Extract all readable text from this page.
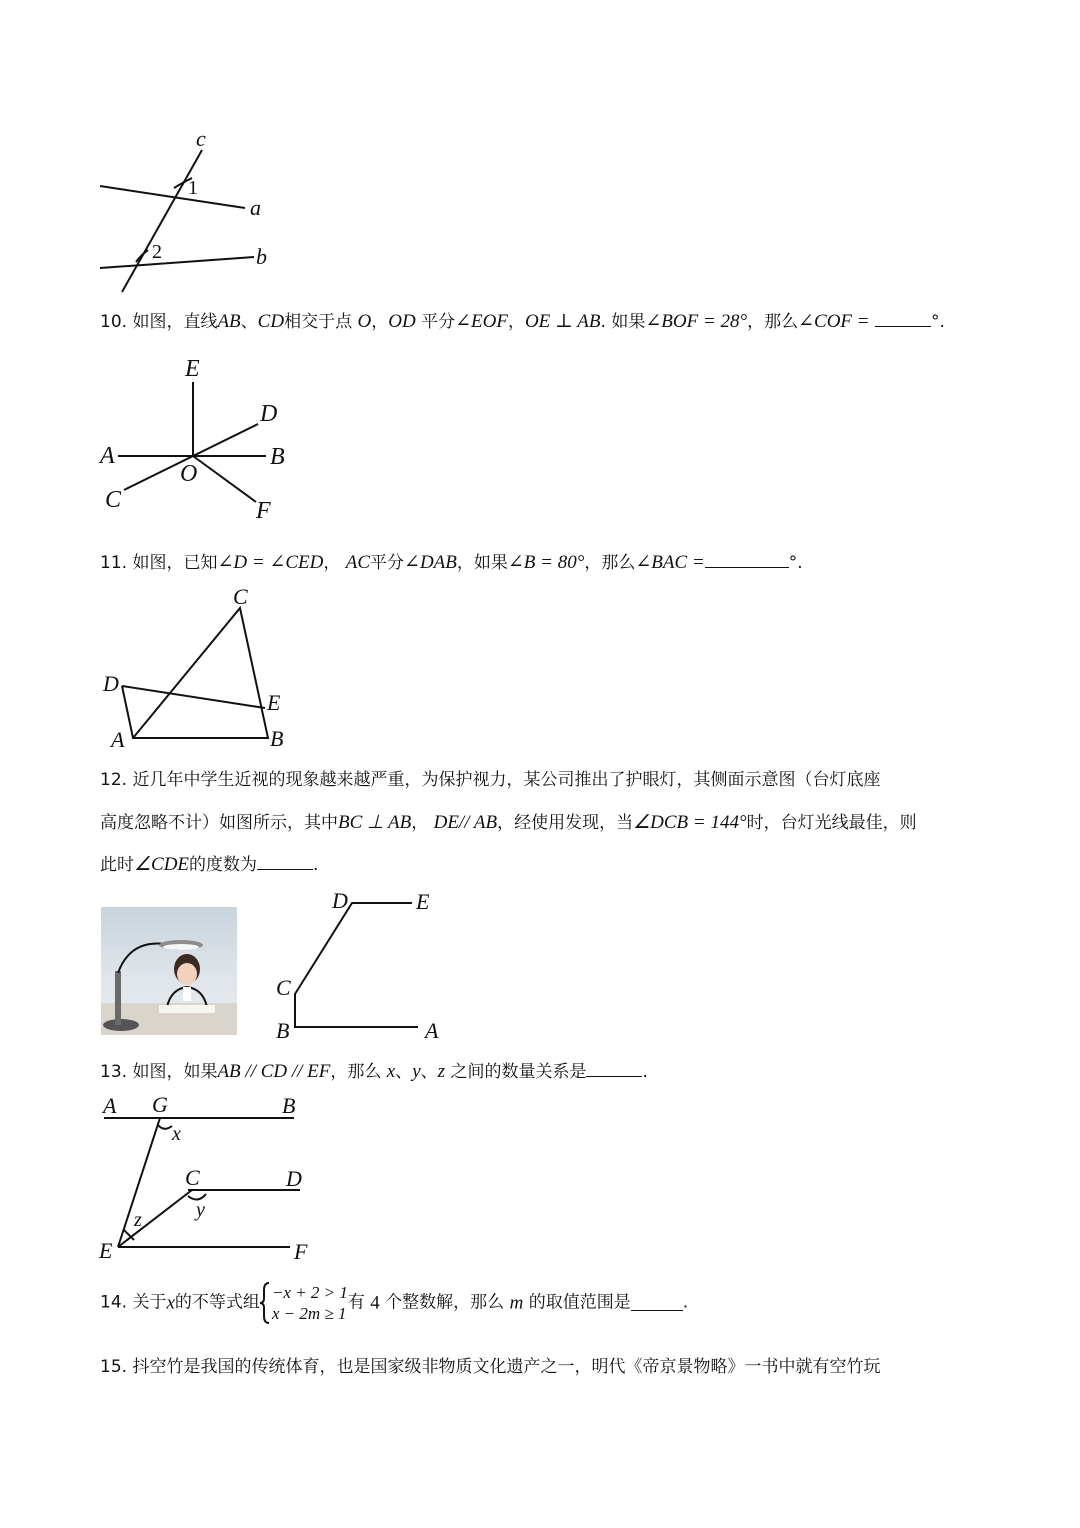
c
1
a
2	b
10. 如图，直线AB、CD相交于点 O，OD 平分∠EOF，OE ⊥ AB. 如果∠BOF = 28°，那么∠COF =	°.
E
D
A	B
O
C	F
11. 如图，已知∠D = ∠CED， AC平分∠DAB，如果∠B = 80°，那么∠BAC =	°.
C
D
E
A	B
12. 近几年中学生近视的现象越来越严重，为保护视力，某公司推出了护眼灯，其侧面示意图（台灯底座
高度忽略不计）如图所示，其中BC ⊥ AB， DE// AB，经使用发现，当∠DCB = 144°时，台灯光线最佳，则
此时∠CDE的度数为	.
D	E
C
B	A
13. 如图，如果AB // CD // EF，那么 x、y、z 之间的数量关系是	.
A G	B
x
C	D
y
z
E	F
14. 关于x的不等式组 −x + 2 > 1
x − 2m ≥ 1
有 4 个整数解，那么 m 的取值范围是	.
15. 抖空竹是我国的传统体育，也是国家级非物质文化遗产之一，明代《帝京景物略》一书中就有空竹玩
